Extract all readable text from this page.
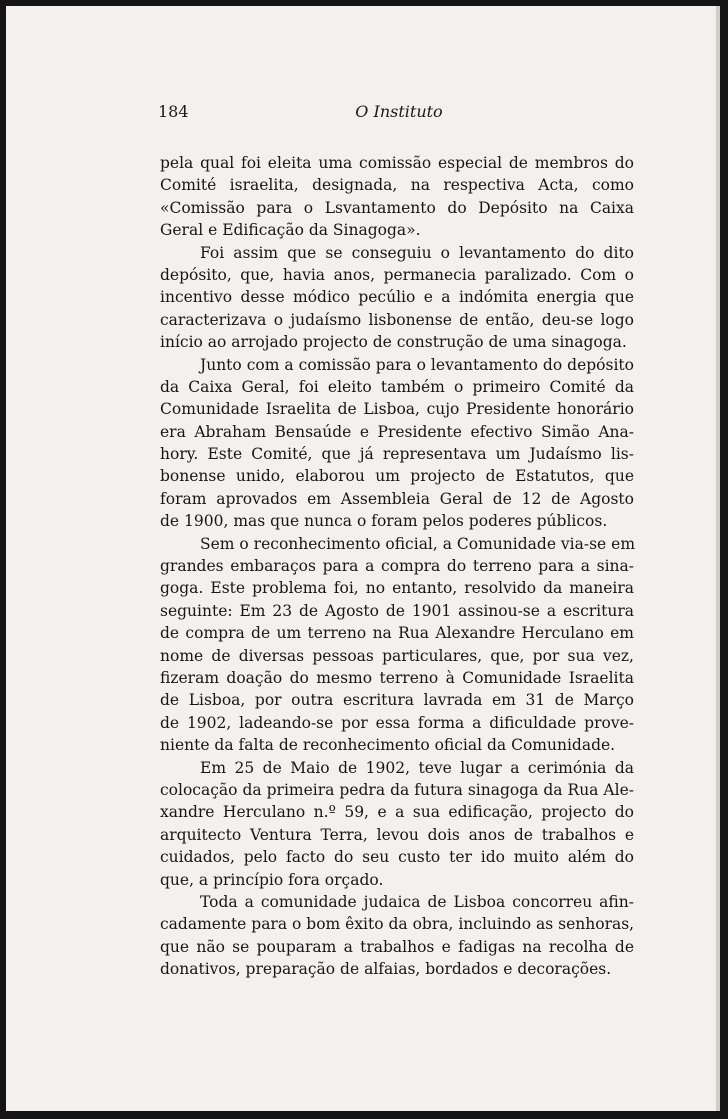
184	O Instituto
pela qual foi eleita uma comissão especial de membros do
Comité israelita, designada, na respectiva Acta, como
«Comissão para o Lsvantamento do Depósito na Caixa
Geral e Edificação da Sinagoga».
Foi assim que se conseguiu o levantamento do dito
depósito, que, havia anos, permanecia paralizado. Com o
incentivo desse módico pecúlio e a indómita energia que
caracterizava o judaísmo lisbonense de então, deu-se logo
início ao arrojado projecto de construção de uma sinagoga.
Junto com a comissão para o levantamento do depósito
da Caixa Geral, foi eleito também o primeiro Comité da
Comunidade Israelita de Lisboa, cujo Presidente honorário
era Abraham Bensaúde e Presidente efectivo Simão Ana-
hory. Este Comité, que já representava um Judaísmo lis-
bonense unido, elaborou um projecto de Estatutos, que
foram aprovados em Assembleia Geral de 12 de Agosto
de 1900, mas que nunca o foram pelos poderes públicos.
Sem o reconhecimento oficial, a Comunidade via-se em
grandes embaraços para a compra do terreno para a sina-
goga. Este problema foi, no entanto, resolvido da maneira
seguinte: Em 23 de Agosto de 1901 assinou-se a escritura
de compra de um terreno na Rua Alexandre Herculano em
nome de diversas pessoas particulares, que, por sua vez,
fizeram doação do mesmo terreno à Comunidade Israelita
de Lisboa, por outra escritura lavrada em 31 de Março
de 1902, ladeando-se por essa forma a dificuldade prove-
niente da falta de reconhecimento oficial da Comunidade.
Em 25 de Maio de 1902, teve lugar a cerimónia da
colocação da primeira pedra da futura sinagoga da Rua Ale-
xandre Herculano n.º 59, e a sua edificação, projecto do
arquitecto Ventura Terra, levou dois anos de trabalhos e
cuidados, pelo facto do seu custo ter ido muito além do
que, a princípio fora orçado.
Toda a comunidade judaica de Lisboa concorreu afin-
cadamente para o bom êxito da obra, incluindo as senhoras,
que não se pouparam a trabalhos e fadigas na recolha de
donativos, preparação de alfaias, bordados e decorações.
